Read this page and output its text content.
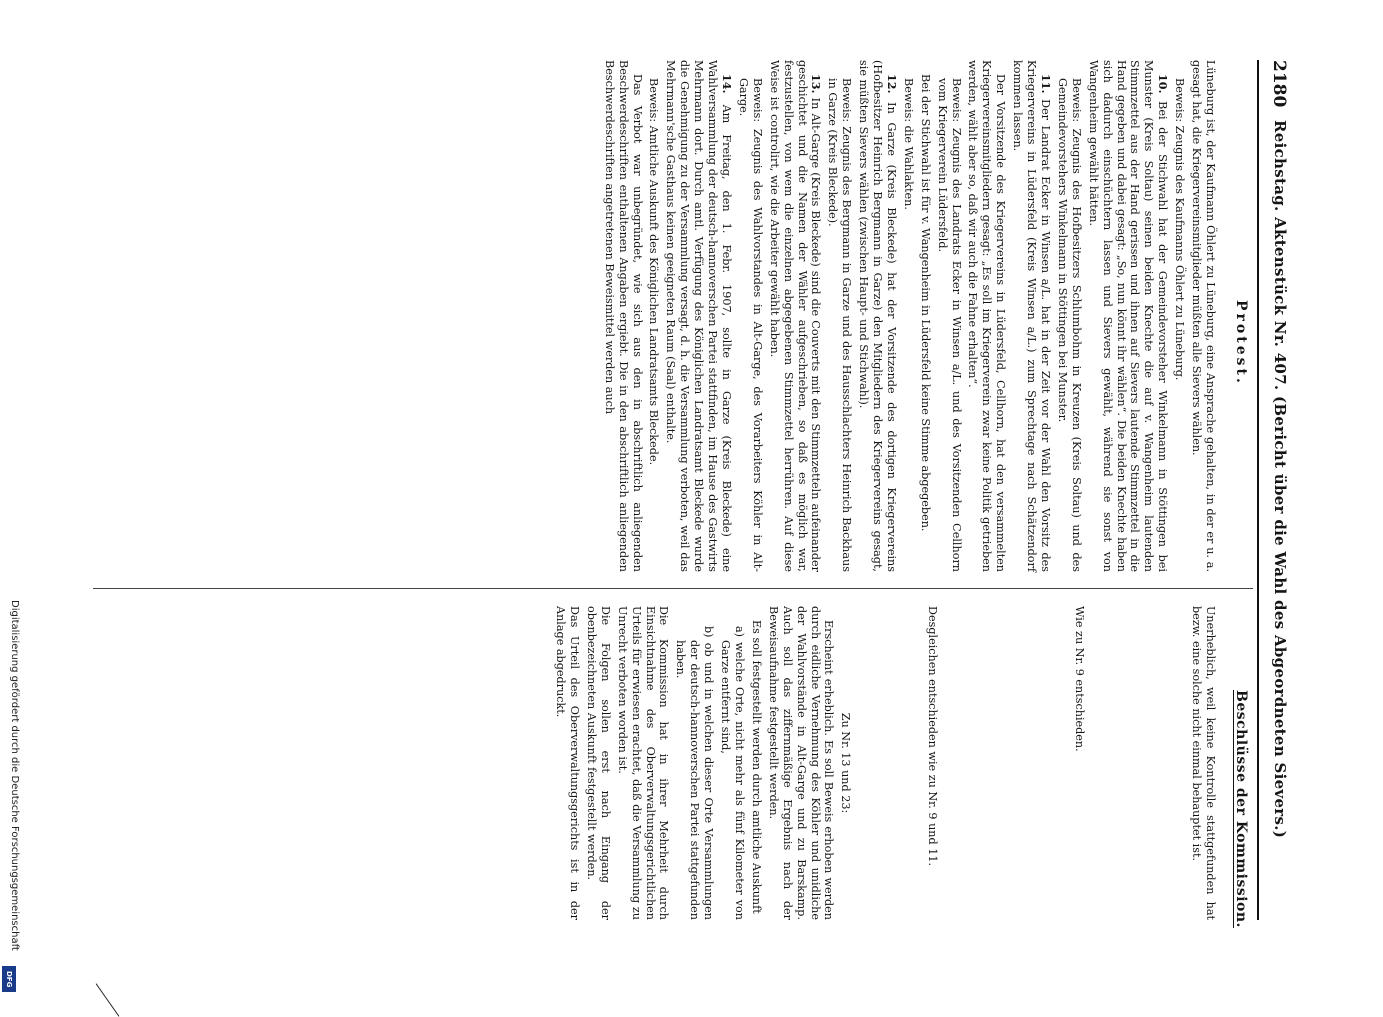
2180
Reichstag. Aktenstück Nr. 407. (Bericht über die Wahl des Abgeordneten Sievers.)
Protest.
Beschlüsse der Kommission.

Lüneburg ist, der Kaufmann Öhlert zu Lüneburg, eine Ansprache gehalten, in der er u. a. gesagt hat, die Kriegervereinsmitglieder müßten alle Sievers wählen.

Beweis: Zeugnis des Kaufmanns Öhlert zu Lüneburg.

10. Bei der Stichwahl hat der Gemeindevorsteher Winkelmann in Stöttingen bei Munster (Kreis Soltau) seinen beiden Knechte die auf v. Wangenheim lautenden Stimmzettel aus der Hand gerissen und ihnen auf Sievers lautende Stimmzettel in die Hand gegeben und dabei gesagt: „So, nun könnt ihr wählen“. Die beiden Knechte haben sich dadurch einschüchtern lassen und Sievers gewählt, während sie sonst von Wangenheim gewählt hätten.

Beweis: Zeugnis des Hofbesitzers Schlumbohm in Kreuzen (Kreis Soltau) und des Gemeindevorstehers Winkelmann in Stöttingen bei Munster.

11. Der Landrat Ecker in Winsen a/L. hat in der Zeit vor der Wahl den Vorsitz des Kriegervereins in Lüdersfeld (Kreis Winsen a/L.) zum Sprechtage nach Schätzendorf kommen lassen.

Der Vorsitzende des Kriegervereins in Lüdersfeld, Cellhorn, hat den versammelten Kriegervereinsmitgliedern gesagt: „Es soll im Kriegerverein zwar keine Politik getrieben werden, wählt aber so, daß wir auch die Fahne erhalten“.

Beweis: Zeugnis des Landrats Ecker in Winsen a/L. und des Vorsitzenden Cellhorn vom Kriegerverein Lüdersfeld.

Bei der Stichwahl ist für v. Wangenheim in Lüdersfeld keine Stimme abgegeben.

Beweis: die Wahlakten.

12. In Garze (Kreis Bleckede) hat der Vorsitzende des dortigen Kriegervereins (Hofbesitzer Heinrich Bergmann in Garze) den Mitgliedern des Kriegervereins gesagt, sie müßten Sievers wählen (zwischen Haupt- und Stichwahl).

Beweis: Zeugnis des Bergmann in Garze und des Hausschlachters Heinrich Backhaus in Garze (Kreis Bleckede).

13. In Alt-Garge (Kreis Bleckede) sind die Couverts mit den Stimmzetteln aufeinander geschichtet und die Namen der Wähler aufgeschrieben, so daß es möglich war, festzustellen, von wem die einzelnen abgegebenen Stimmzettel herrühren. Auf diese Weise ist controlirt, wie die Arbeiter gewählt haben.

Beweis: Zeugnis des Wahlvorstandes in Alt-Garge, des Vorarbeiters Köhler in Alt-Garge.

14. Am Freitag, den 1. Febr. 1907, sollte in Garze (Kreis Bleckede) eine Wahlversammlung der deutsch-hannoverschen Partei stattfinden, im Hause des Gastwirts Mehrmann dort. Durch amtl. Verfügung des Königlichen Landratsamt Bleckede wurde die Genehmigung zu der Versammlung versagt, d. h. die Versammlung verboten, weil das Mehrmann'sche Gasthaus keinen geeigneten Raum (Saal) enthalte.

Beweis: Amtliche Auskunft des Königlichen Landratsamts Bleckede.

Das Verbot war unbegründet, wie sich aus den in abschriftlich anliegenden Beschwerdeschriften enthaltenen Angaben ergiebt. Die in den abschriftlich anliegenden Beschwerdeschriften angetretenen Beweismittel werden auch

Unerheblich, weil keine Kontrolle stattgefunden hat bezw. eine solche nicht einmal behauptet ist.

Wie zu Nr. 9 entschieden.

Desgleichen entschieden wie zu Nr. 9 und 11.

Zu Nr. 13 und 23:

Erscheint erheblich. Es soll Beweis erhoben werden durch eidliche Vernehmung des Köhler und unidliche der Wahlvorstände in Alt-Garge und zu Barskamp. Auch soll das ziffernmäßige Ergebnis nach der Beweisaufnahme festgestellt werden.

Es soll festgestellt werden durch amtliche Auskunft

a) welche Orte, nicht mehr als fünf Kilometer von Garze entfernt sind,

b) ob und in welchen dieser Orte Versammlungen der deutsch-hannoverschen Partei stattgefunden haben.

Die Kommission hat in ihrer Mehrheit durch Einsichtnahme des Oberverwaltungsgerichtlichen Urteils für erwiesen erachtet, daß die Versammlung zu Unrecht verboten worden ist.

Die Folgen sollen erst nach Eingang der obenbezeichneten Auskunft festgestellt werden.

Das Urteil des Oberverwaltungsgerichts ist in der Anlage abgedruckt.

Digitalisierung gefördert durch die Deutsche Forschungsgemeinschaft
DFG
